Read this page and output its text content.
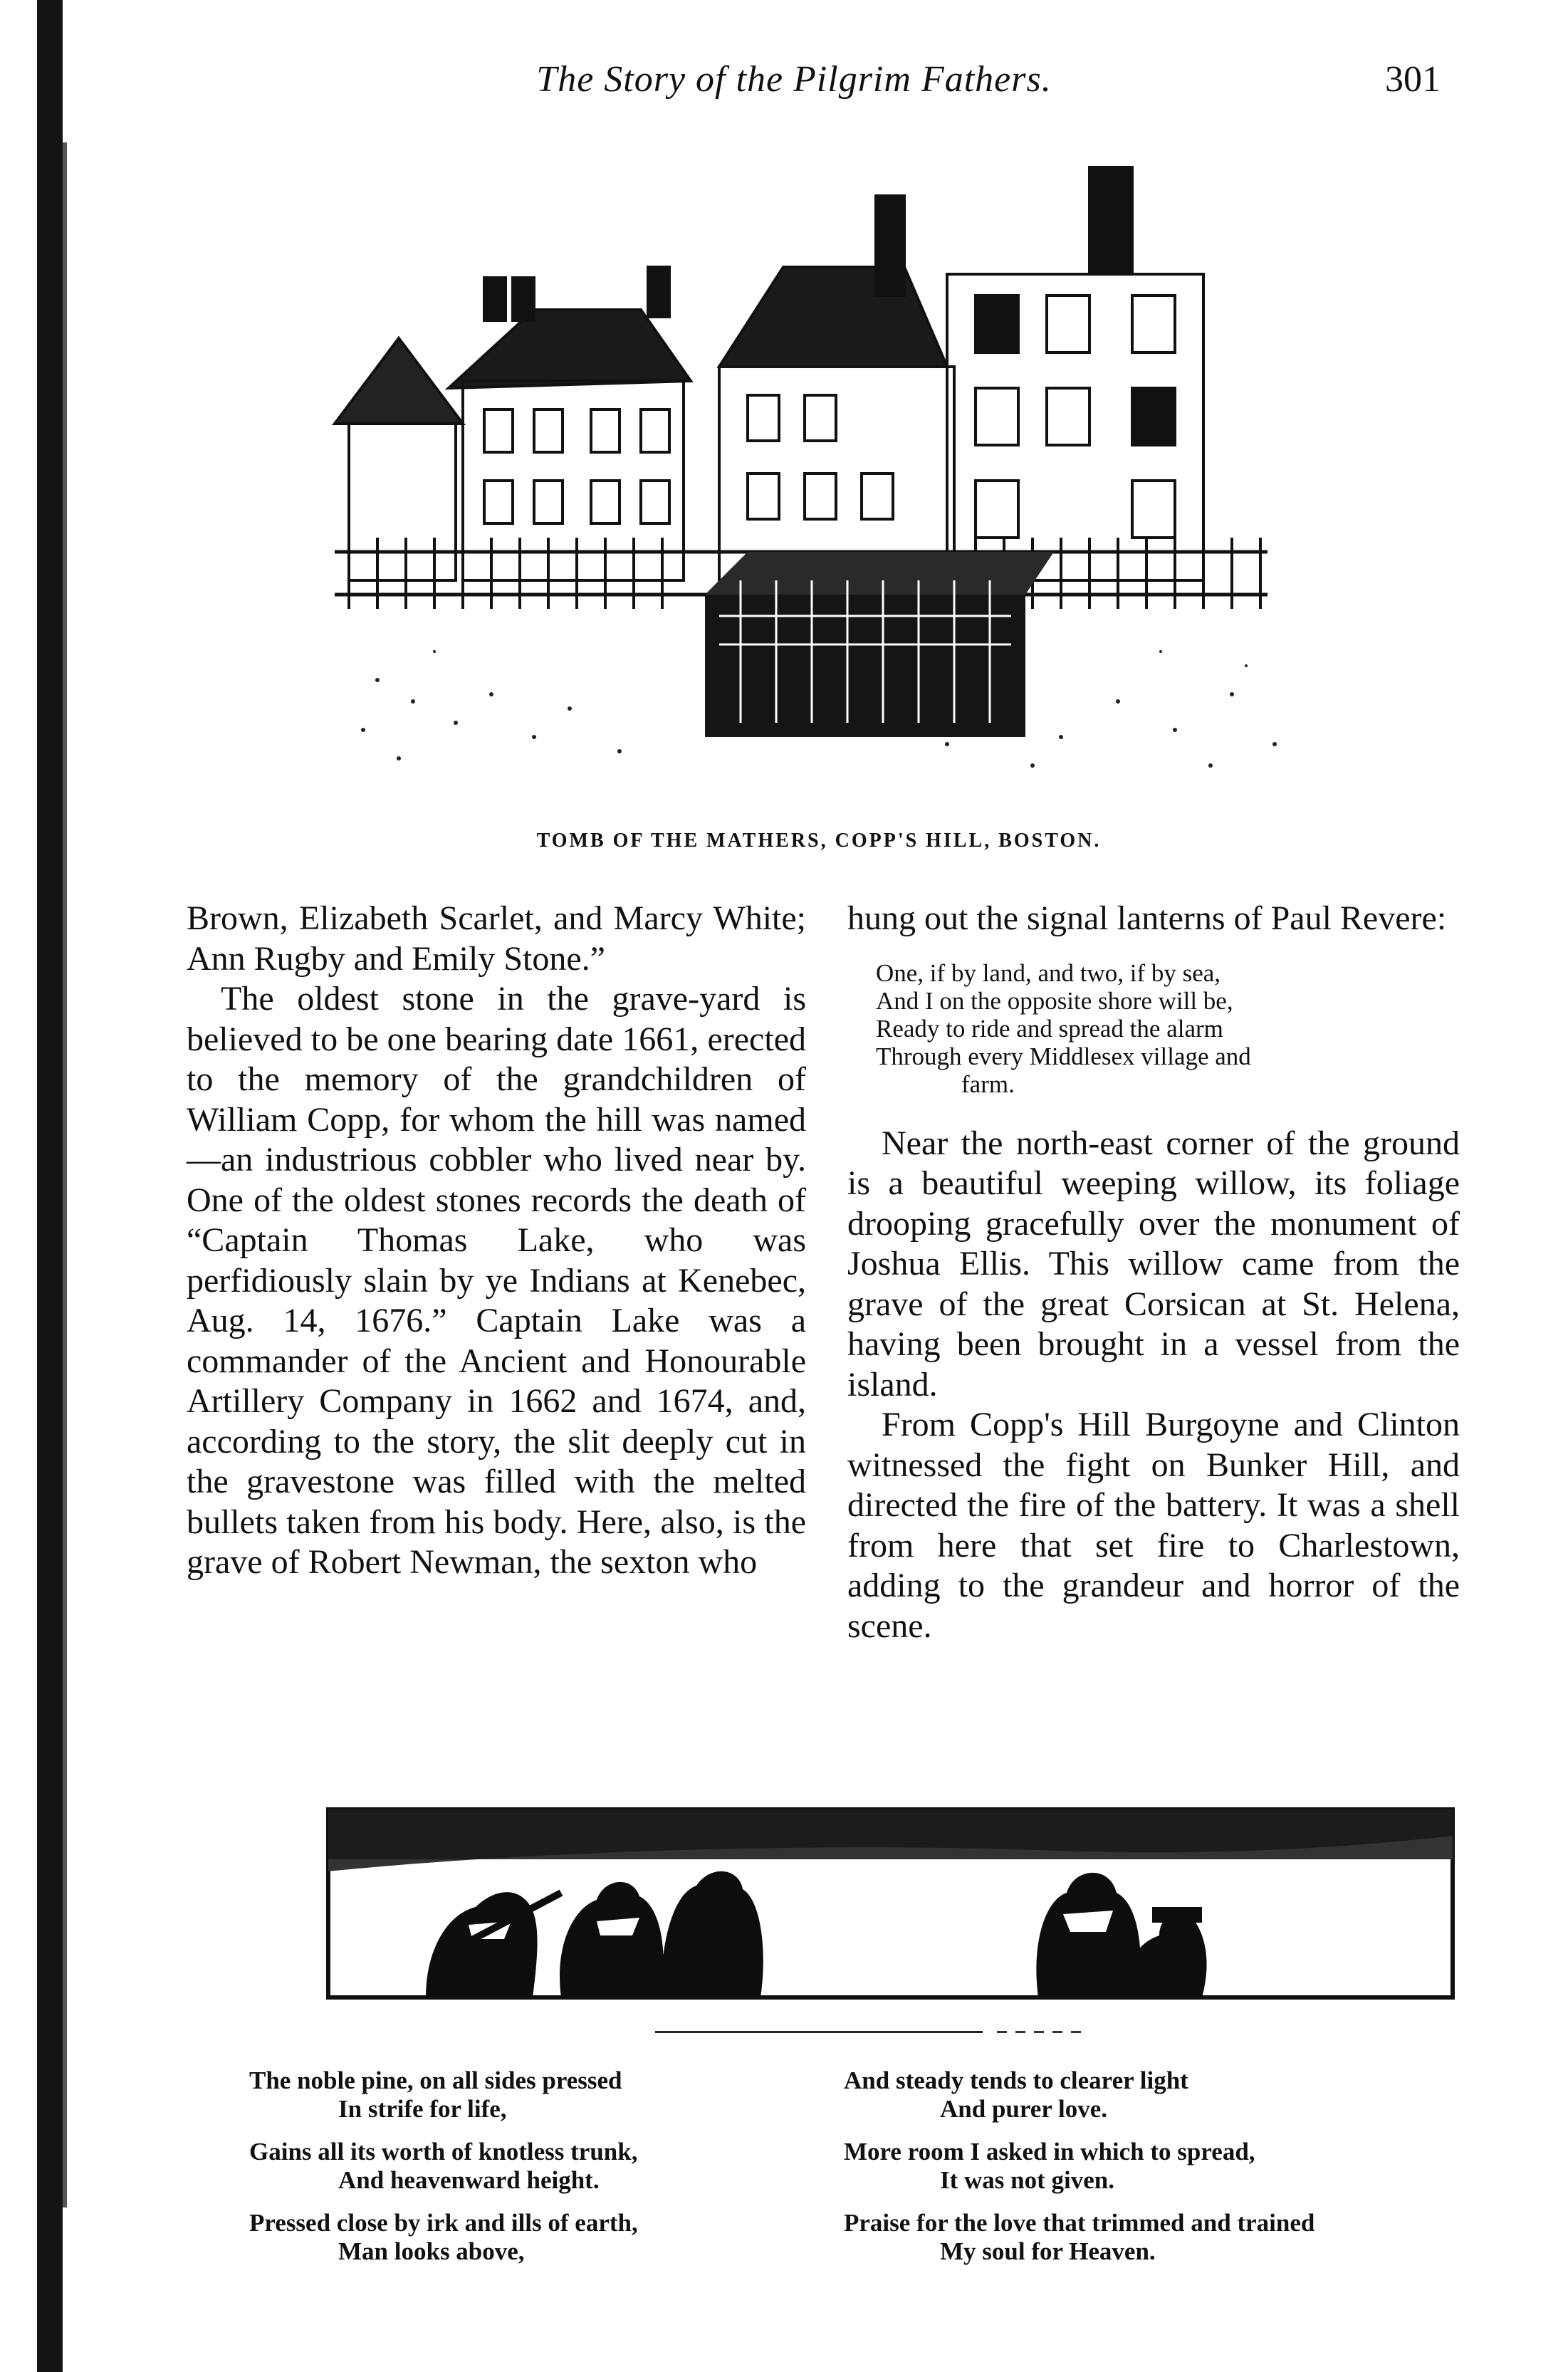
The Story of the Pilgrim Fathers.	301
TOMB OF THE MATHERS, COPP'S HILL, BOSTON.

Brown, Elizabeth Scarlet, and Marcy White; Ann Rugby and Emily Stone.”

The oldest stone in the grave-yard is believed to be one bearing date 1661, erected to the memory of the grandchildren of William Copp, for whom the hill was named—an industrious cobbler who lived near by. One of the oldest stones records the death of “Captain Thomas Lake, who was perfidiously slain by ye Indians at Kenebec, Aug. 14, 1676.” Captain Lake was a commander of the Ancient and Honourable Artillery Company in 1662 and 1674, and, according to the story, the slit deeply cut in the gravestone was filled with the melted bullets taken from his body. Here, also, is the grave of Robert Newman, the sexton who

hung out the signal lanterns of Paul Revere:

One, if by land, and two, if by sea,
And I on the opposite shore will be,
Ready to ride and spread the alarm
Through every Middlesex village and
farm.

Near the north-east corner of the ground is a beautiful weeping willow, its foliage drooping gracefully over the monument of Joshua Ellis. This willow came from the grave of the great Corsican at St. Helena, having been brought in a vessel from the island.

From Copp's Hill Burgoyne and Clinton witnessed the fight on Bunker Hill, and directed the fire of the battery. It was a shell from here that set fire to Charlestown, adding to the grandeur and horror of the scene.

The noble pine, on all sides pressed
In strife for life,
Gains all its worth of knotless trunk,
And heavenward height.
Pressed close by irk and ills of earth,
Man looks above,
And steady tends to clearer light
And purer love.
More room I asked in which to spread,
It was not given.
Praise for the love that trimmed and trained
My soul for Heaven.
